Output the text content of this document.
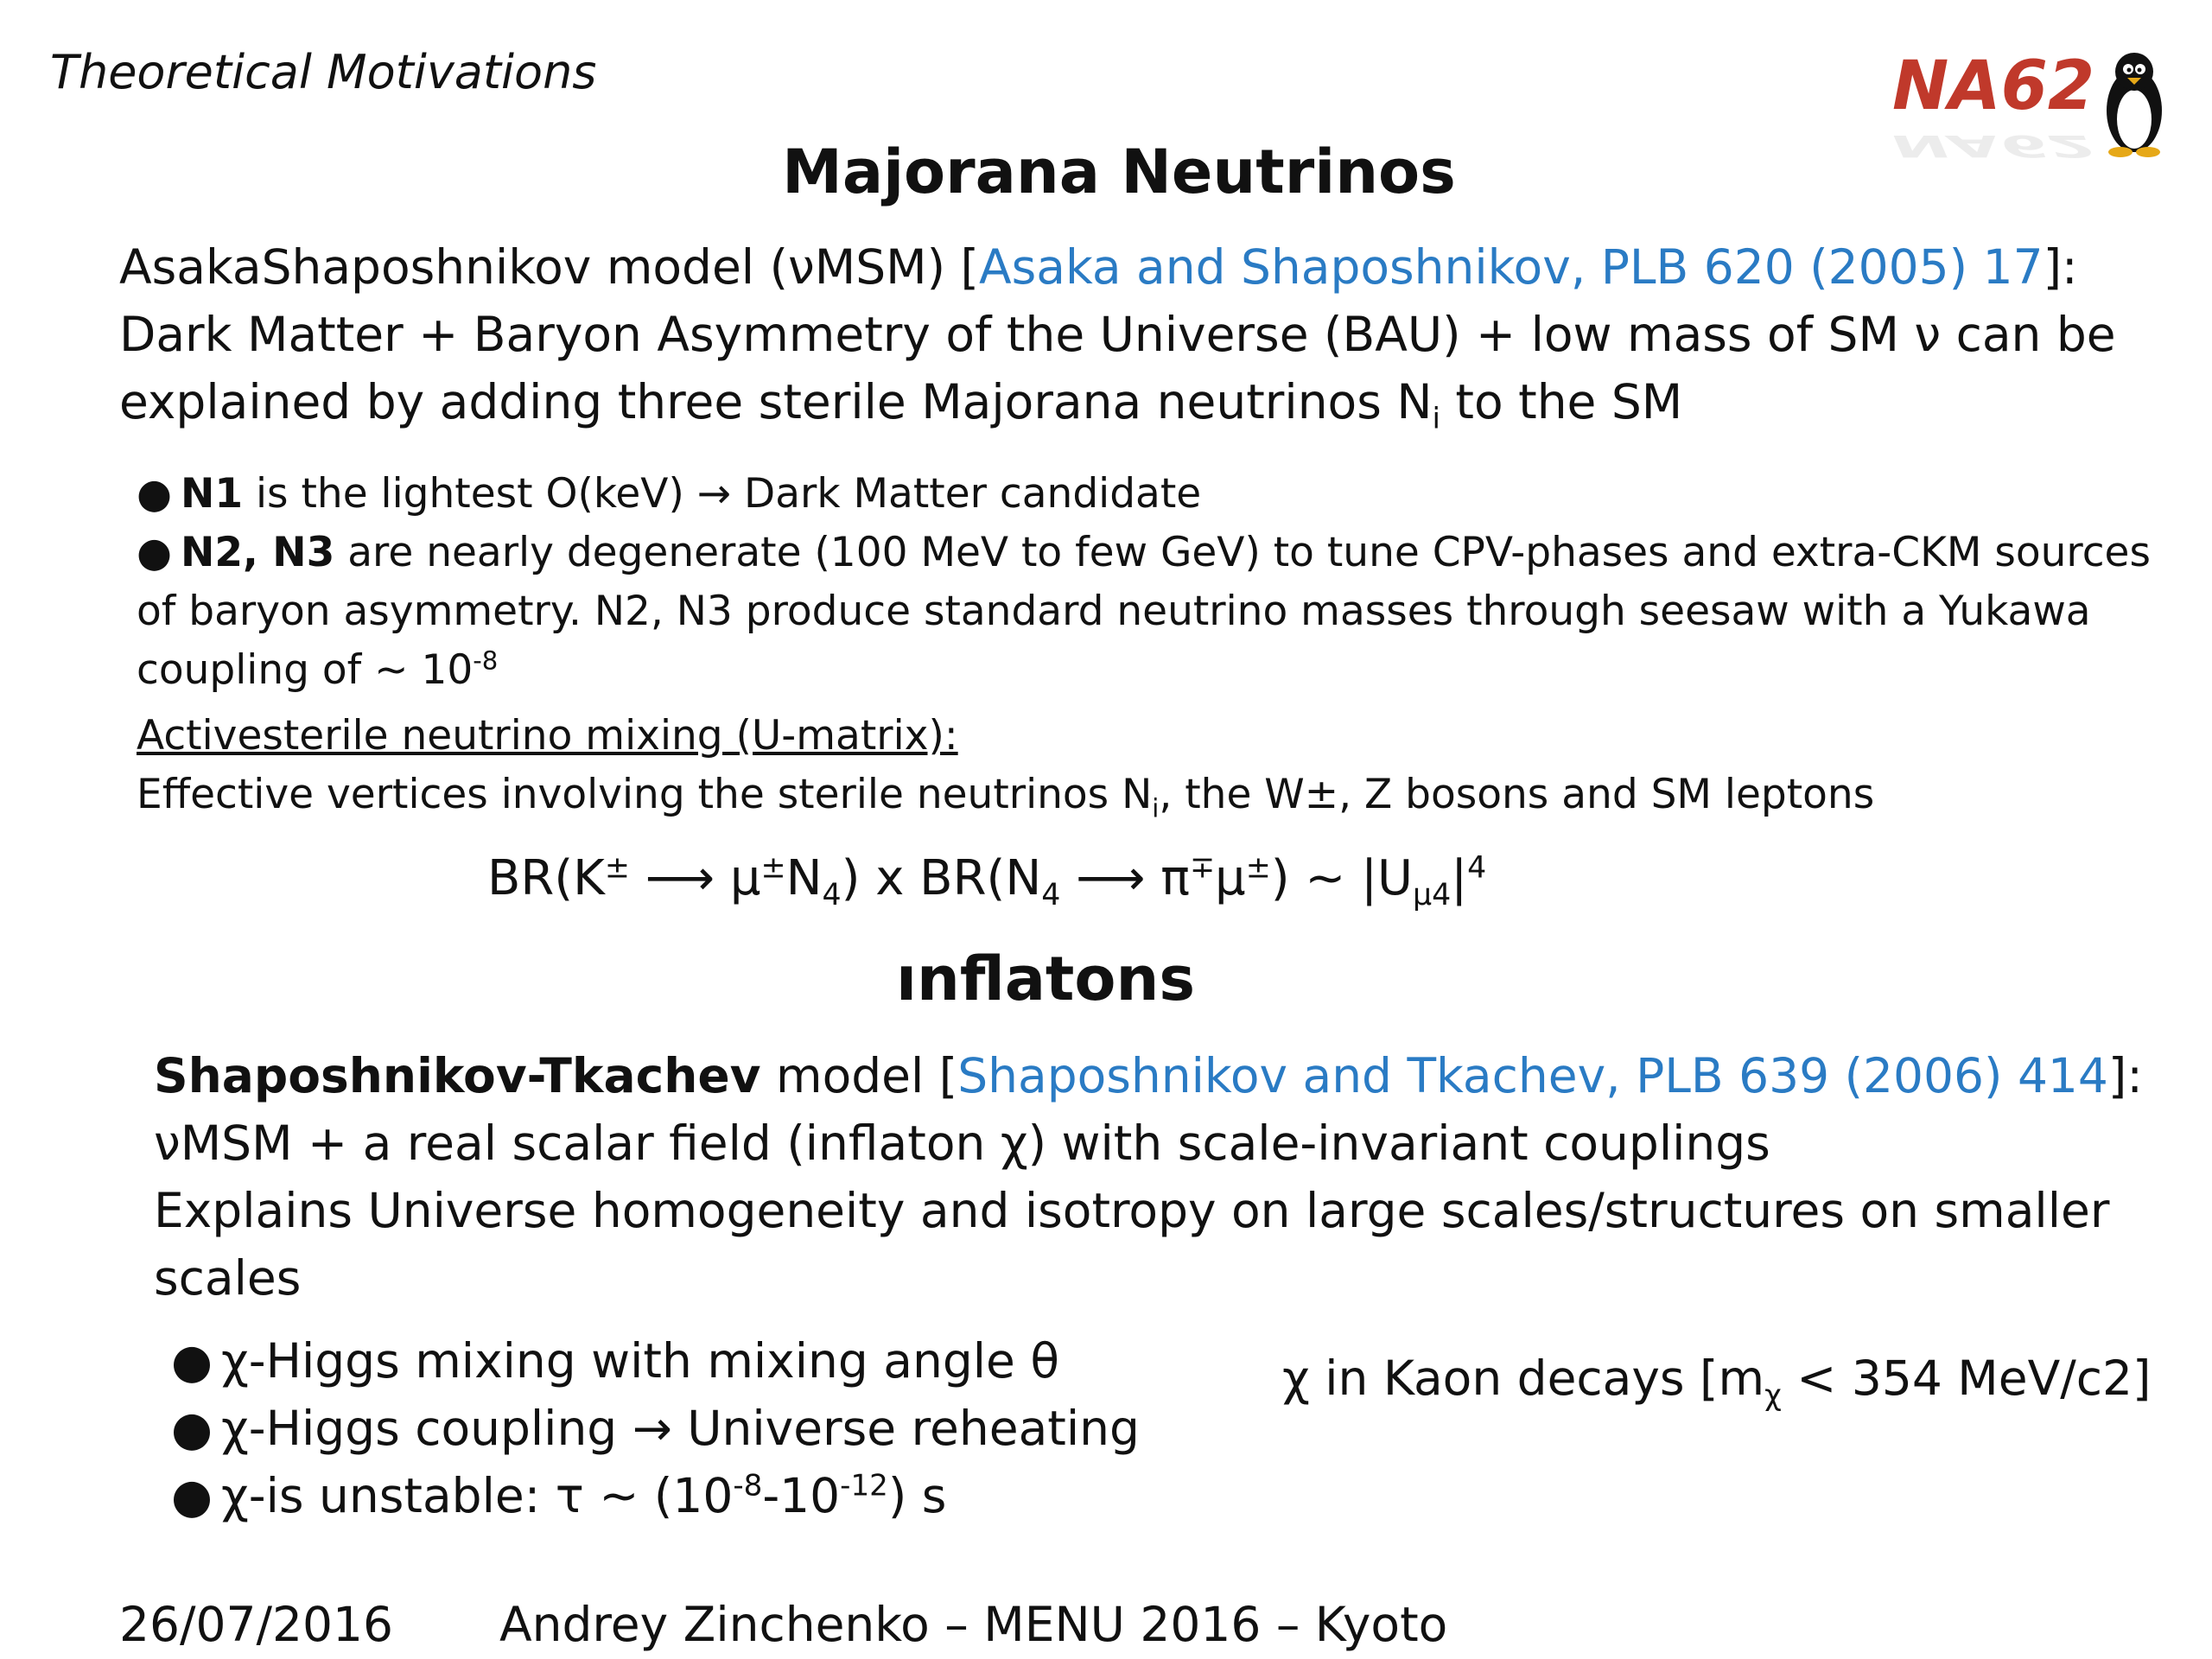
Theoretical Motivations	NA62
NA62
Majorana Neutrinos
AsakaShaposhnikov model (νMSM) [Asaka and Shaposhnikov, PLB 620 (2005) 17]:
Dark Matter + Baryon Asymmetry of the Universe (BAU) + low mass of SM ν can be
explained by adding three sterile Majorana neutrinos $N_i$ to the SM
● N1 is the lightest O(keV) → Dark Matter candidate
● N2, N3 are nearly degenerate (100 MeV to few GeV) to tune CPV-phases and extra-CKM sources
of baryon asymmetry. N2, N3 produce standard neutrino masses through seesaw with a Yukawa
coupling of ~ $10^{-8}$
Activesterile neutrino mixing (U-matrix):
Effective vertices involving the sterile neutrinos $N_i$, the W±, Z bosons and SM leptons
BR(K± ⟶ $\mu^\pm N_4$) x $BR(N_4$ ⟶ π∓μ±) ~ $|U_{\mu 4}|^4$
ınflatons
Shaposhnikov-Tkachev model [Shaposhnikov and Tkachev, PLB 639 (2006) 414]:
νMSM + a real scalar field (inflaton χ) with scale-invariant couplings
Explains Universe homogeneity and isotropy on large scales/structures on smaller
scales
● χ-Higgs mixing with mixing angle θ
● χ-Higgs coupling → Universe reheating
● χ-is unstable: τ ~ $(10^{-8}-10^{-12})$ s
χ in Kaon decays [$m_\chi < 354$ MeV/c2]
26/07/2016 Andrey Zinchenko – MENU 2016 – Kyoto
